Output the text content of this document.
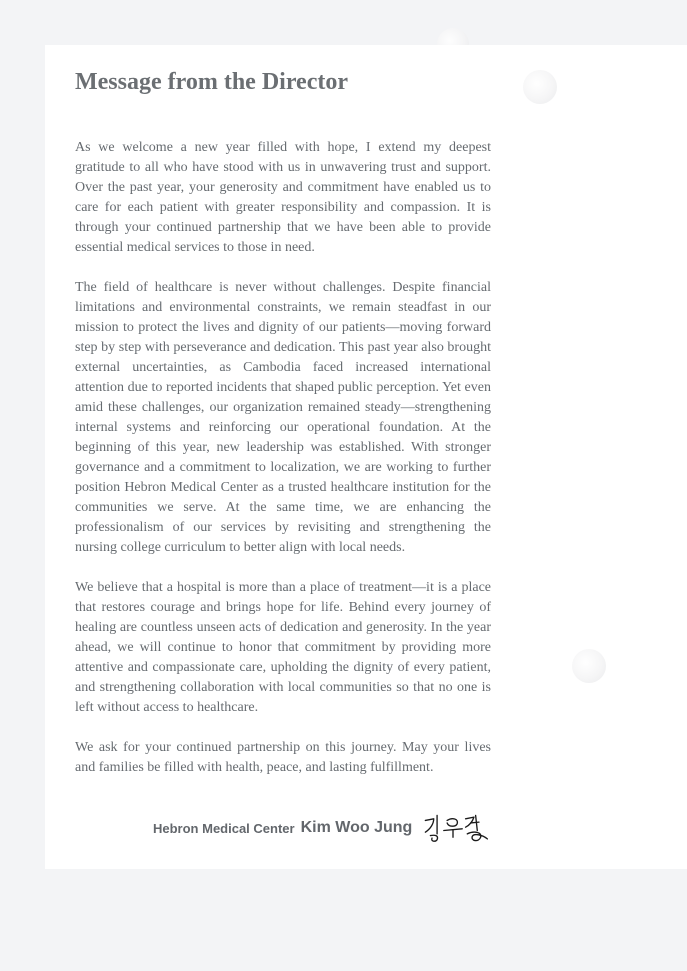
Message from the Director

As we welcome a new year filled with hope, I extend my deepest gratitude to all who have stood with us in unwavering trust and support. Over the past year, your generosity and commitment have enabled us to care for each patient with greater responsibility and compassion. It is through your continued partnership that we have been able to provide essential medical services to those in need.

The field of healthcare is never without challenges. Despite financial limitations and environmental constraints, we remain steadfast in our mission to protect the lives and dignity of our patients—moving forward step by step with perseverance and dedication. This past year also brought external uncertainties, as Cambodia faced increased international attention due to reported incidents that shaped public perception. Yet even amid these challenges, our organization remained steady—strengthening internal systems and reinforcing our operational foundation. At the beginning of this year, new leadership was established. With stronger governance and a commitment to localization, we are working to further position Hebron Medical Center as a trusted healthcare institution for the communities we serve. At the same time, we are enhancing the professionalism of our services by revisiting and strengthening the nursing college curriculum to better align with local needs.

We believe that a hospital is more than a place of treatment—it is a place that restores courage and brings hope for life. Behind every journey of healing are countless unseen acts of dedication and generosity. In the year ahead, we will continue to honor that commitment by providing more attentive and compassionate care, upholding the dignity of every patient, and strengthening collaboration with local communities so that no one is left without access to healthcare.

We ask for your continued partnership on this journey. May your lives and families be filled with health, peace, and lasting fulfillment.

Hebron Medical Center Kim Woo Jung
